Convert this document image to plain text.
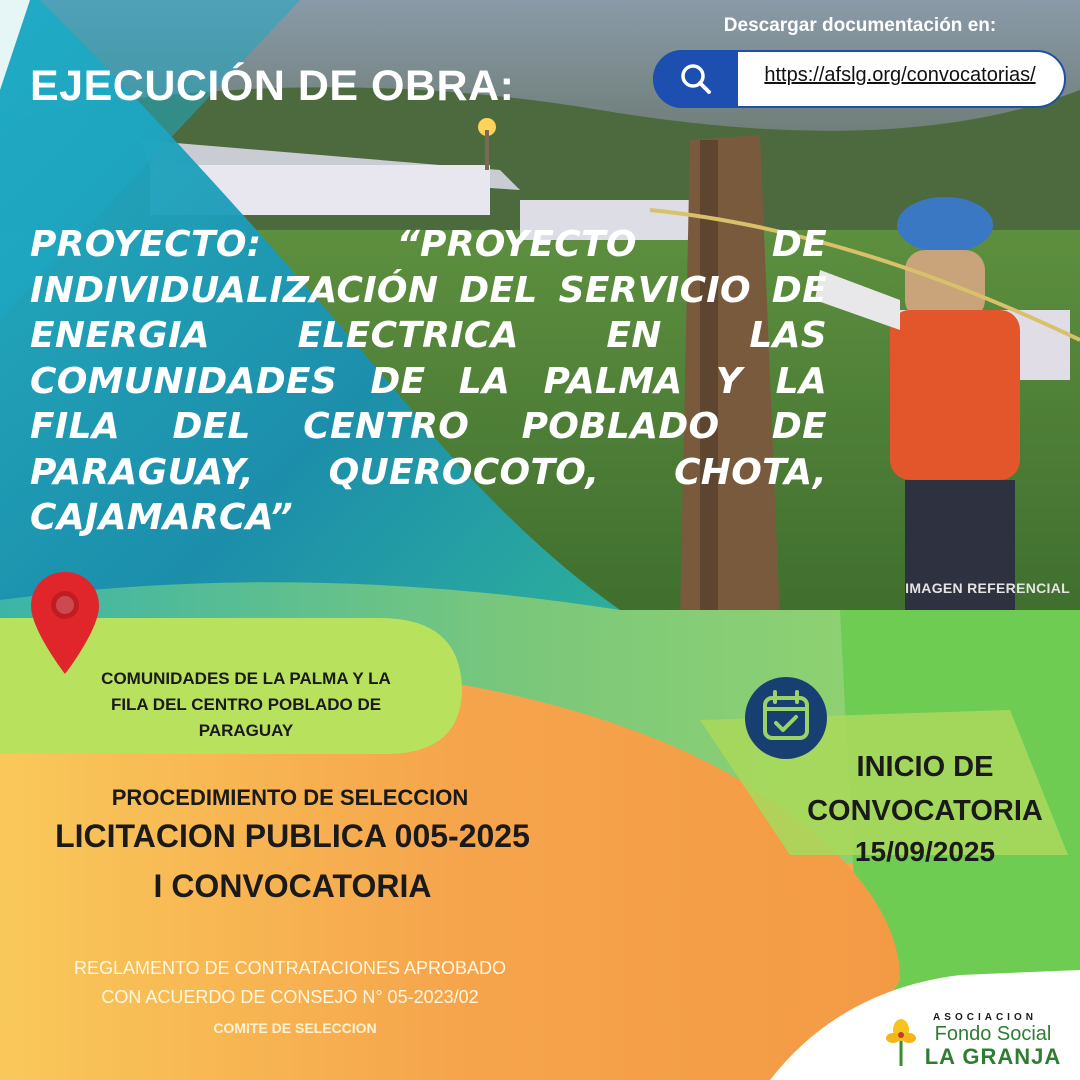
EJECUCIÓN DE OBRA:
Descargar documentación en:
https://afslg.org/convocatorias/
PROYECTO: “PROYECTO DE INDIVIDUALIZACIÓN DEL SERVICIO DE ENERGIA ELECTRICA EN LAS COMUNIDADES DE LA PALMA Y LA FILA DEL CENTRO POBLADO DE PARAGUAY, QUEROCOTO, CHOTA, CAJAMARCA”
IMAGEN REFERENCIAL
COMUNIDADES DE LA PALMA Y LA
FILA DEL CENTRO POBLADO DE
PARAGUAY
PROCEDIMIENTO DE SELECCION
LICITACION PUBLICA 005-2025
I CONVOCATORIA
REGLAMENTO DE CONTRATACIONES APROBADO
CON ACUERDO DE CONSEJO N° 05-2023/02
COMITE DE SELECCION
INICIO DE
CONVOCATORIA
15/09/2025
ASOCIACION
Fondo Social
LA GRANJA
